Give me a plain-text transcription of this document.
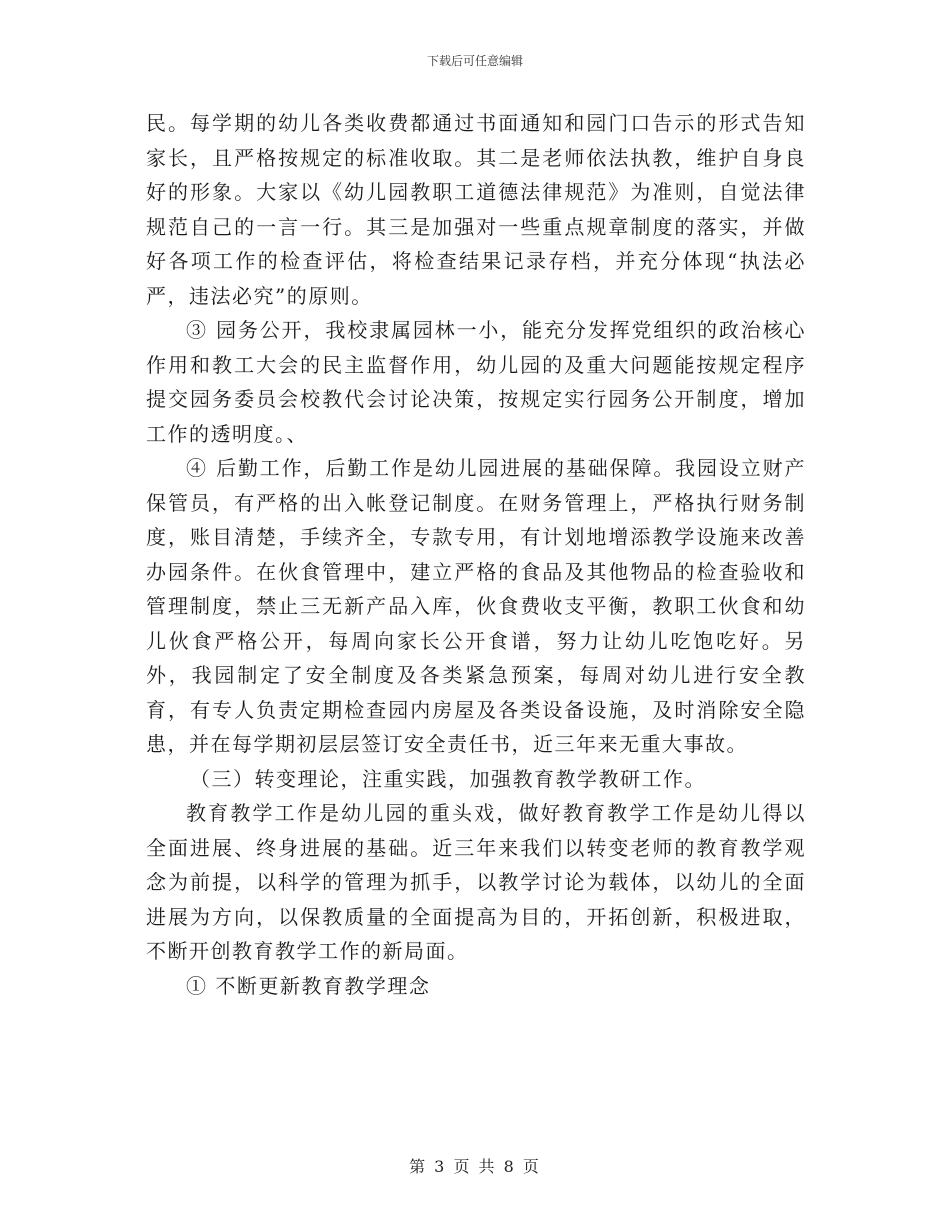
下载后可任意编辑

民。每学期的幼儿各类收费都通过书面通知和园门口告示的形式告知家长，且严格按规定的标准收取。其二是老师依法执教，维护自身良好的形象。大家以《幼儿园教职工道德法律规范》为准则，自觉法律规范自己的一言一行。其三是加强对一些重点规章制度的落实，并做好各项工作的检查评估，将检查结果记录存档，并充分体现“执法必严，违法必究”的原则。

③ 园务公开，我校隶属园林一小，能充分发挥党组织的政治核心作用和教工大会的民主监督作用，幼儿园的及重大问题能按规定程序提交园务委员会校教代会讨论决策，按规定实行园务公开制度，增加工作的透明度。、

④ 后勤工作，后勤工作是幼儿园进展的基础保障。我园设立财产保管员，有严格的出入帐登记制度。在财务管理上，严格执行财务制度，账目清楚，手续齐全，专款专用，有计划地增添教学设施来改善办园条件。在伙食管理中，建立严格的食品及其他物品的检查验收和管理制度，禁止三无新产品入库，伙食费收支平衡，教职工伙食和幼儿伙食严格公开，每周向家长公开食谱，努力让幼儿吃饱吃好。另外，我园制定了安全制度及各类紧急预案，每周对幼儿进行安全教育，有专人负责定期检查园内房屋及各类设备设施，及时消除安全隐患，并在每学期初层层签订安全责任书，近三年来无重大事故。

（三）转变理论，注重实践，加强教育教学教研工作。

教育教学工作是幼儿园的重头戏，做好教育教学工作是幼儿得以全面进展、终身进展的基础。近三年来我们以转变老师的教育教学观念为前提，以科学的管理为抓手，以教学讨论为载体，以幼儿的全面进展为方向，以保教质量的全面提高为目的，开拓创新，积极进取，不断开创教育教学工作的新局面。

① 不断更新教育教学理念

第 3 页 共 8 页
